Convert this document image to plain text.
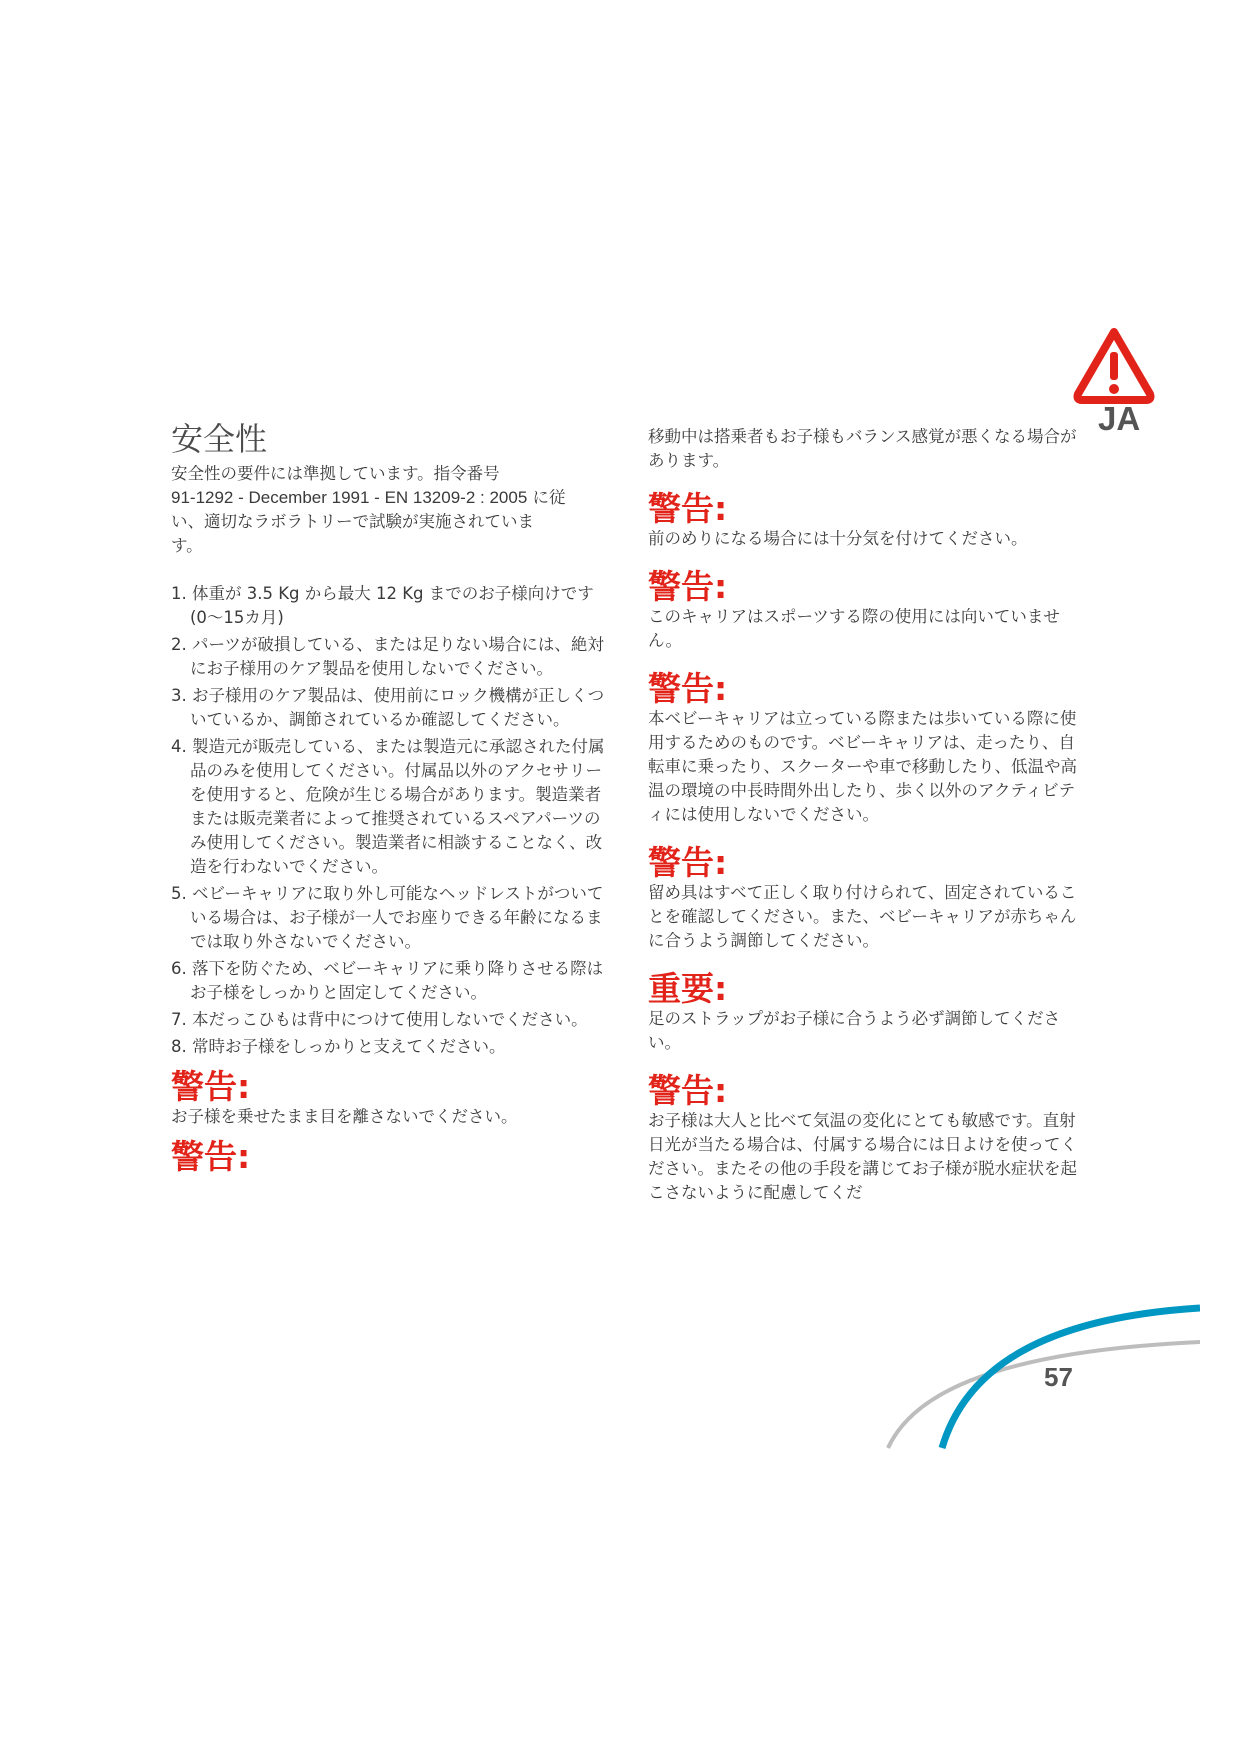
JA
安全性

安全性の要件には準拠しています。指令番号
91-1292 - December 1991 - EN 13209-2 : 2005 に従
い、適切なラボラトリーで試験が実施されていま
す。

1. 体重が 3.5 Kg から最大 12 Kg までのお子様向けです (0〜15カ月)
2. パーツが破損している、または足りない場合には、絶対にお子様用のケア製品を使用しないでください。
3. お子様用のケア製品は、使用前にロック機構が正しくついているか、調節されているか確認してください。
4. 製造元が販売している、または製造元に承認された付属品のみを使用してください。付属品以外のアクセサリーを使用すると、危険が生じる場合があります。製造業者または販売業者によって推奨されているスペアパーツのみ使用してください。製造業者に相談することなく、改造を行わないでください。
5. ベビーキャリアに取り外し可能なヘッドレストがついている場合は、お子様が一人でお座りできる年齢になるまでは取り外さないでください。
6. 落下を防ぐため、ベビーキャリアに乗り降りさせる際はお子様をしっかりと固定してください。
7. 本だっこひもは背中につけて使用しないでください。
8. 常時お子様をしっかりと支えてください。

警告:

お子様を乗せたまま目を離さないでください。

警告:

移動中は搭乗者もお子様もバランス感覚が悪くなる場合があります。

警告:

前のめりになる場合には十分気を付けてください。

警告:

このキャリアはスポーツする際の使用には向いていません。

警告:

本ベビーキャリアは立っている際または歩いている際に使用するためのものです。ベビーキャリアは、走ったり、自転車に乗ったり、スクーターや車で移動したり、低温や高温の環境の中長時間外出したり、歩く以外のアクティビティには使用しないでください。

警告:

留め具はすべて正しく取り付けられて、固定されていることを確認してください。また、ベビーキャリアが赤ちゃんに合うよう調節してください。

重要:

足のストラップがお子様に合うよう必ず調節してください。

警告:

お子様は大人と比べて気温の変化にとても敏感です。直射日光が当たる場合は、付属する場合には日よけを使ってください。またその他の手段を講じてお子様が脱水症状を起こさないように配慮してくだ

57
